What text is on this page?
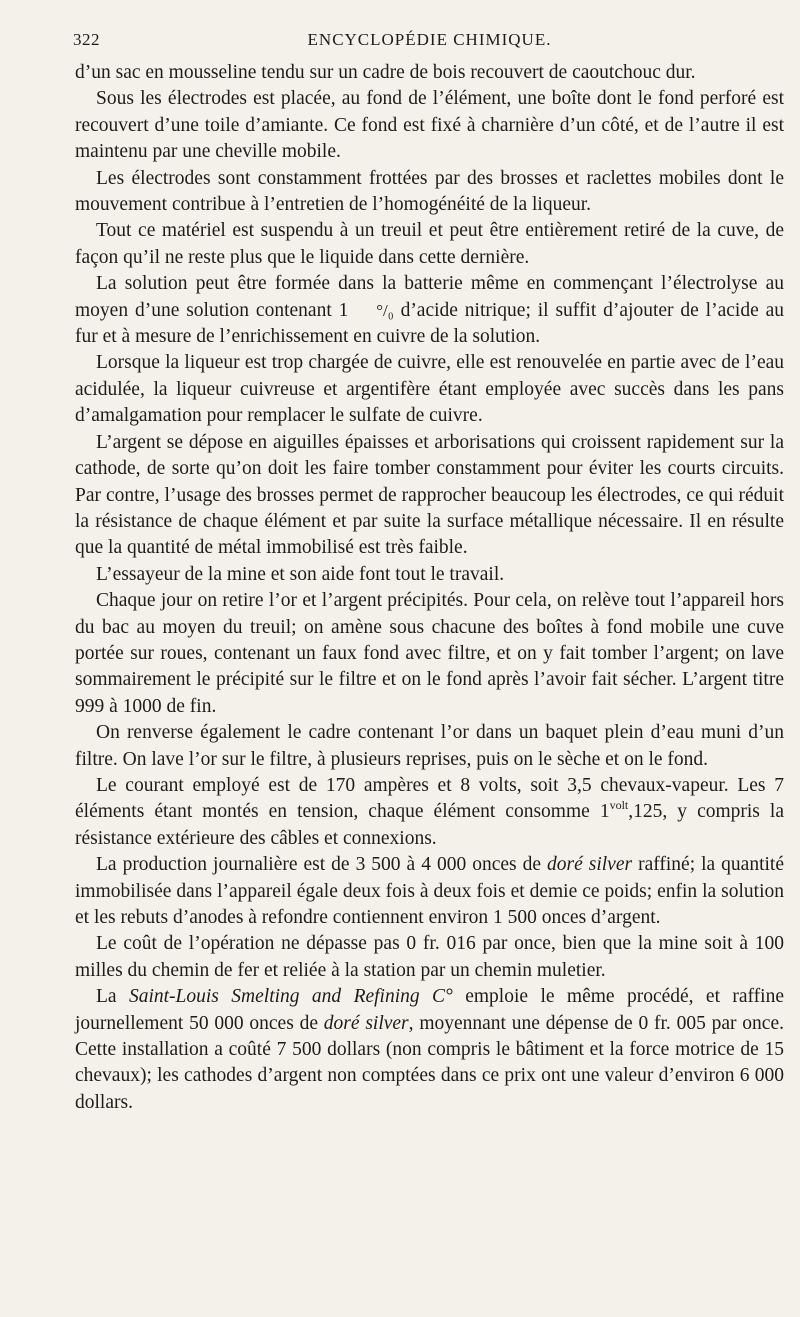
322	ENCYCLOPÉDIE CHIMIQUE.

d’un sac en mousseline tendu sur un cadre de bois recouvert de caoutchouc dur.

Sous les électrodes est placée, au fond de l’élément, une boîte dont le fond perforé est recouvert d’une toile d’amiante. Ce fond est fixé à charnière d’un côté, et de l’autre il est maintenu par une cheville mobile.

Les électrodes sont constamment frottées par des brosses et raclettes mobiles dont le mouvement contribue à l’entretien de l’homogénéité de la liqueur.

Tout ce matériel est suspendu à un treuil et peut être entièrement retiré de la cuve, de façon qu’il ne reste plus que le liquide dans cette dernière.

La solution peut être formée dans la batterie même en commençant l’électrolyse au moyen d’une solution contenant 1 °/₀ d’acide nitrique; il suffit d’ajouter de l’acide au fur et à mesure de l’enrichissement en cuivre de la solution.

Lorsque la liqueur est trop chargée de cuivre, elle est renouvelée en partie avec de l’eau acidulée, la liqueur cuivreuse et argentifère étant employée avec succès dans les pans d’amalgamation pour remplacer le sulfate de cuivre.

L’argent se dépose en aiguilles épaisses et arborisations qui croissent rapidement sur la cathode, de sorte qu’on doit les faire tomber constamment pour éviter les courts circuits. Par contre, l’usage des brosses permet de rapprocher beaucoup les électrodes, ce qui réduit la résistance de chaque élément et par suite la surface métallique nécessaire. Il en résulte que la quantité de métal immobilisé est très faible.

L’essayeur de la mine et son aide font tout le travail.

Chaque jour on retire l’or et l’argent précipités. Pour cela, on relève tout l’appareil hors du bac au moyen du treuil; on amène sous chacune des boîtes à fond mobile une cuve portée sur roues, contenant un faux fond avec filtre, et on y fait tomber l’argent; on lave sommairement le précipité sur le filtre et on le fond après l’avoir fait sécher. L’argent titre 999 à 1000 de fin.

On renverse également le cadre contenant l’or dans un baquet plein d’eau muni d’un filtre. On lave l’or sur le filtre, à plusieurs reprises, puis on le sèche et on le fond.

Le courant employé est de 170 ampères et 8 volts, soit 3,5 chevaux-vapeur. Les 7 éléments étant montés en tension, chaque élément consomme $1^{volt},125$, y compris la résistance extérieure des câbles et connexions.

La production journalière est de 3 500 à 4 000 onces de doré silver raffiné; la quantité immobilisée dans l’appareil égale deux fois à deux fois et demie ce poids; enfin la solution et les rebuts d’anodes à refondre contiennent environ 1 500 onces d’argent.

Le coût de l’opération ne dépasse pas 0 fr. 016 par once, bien que la mine soit à 100 milles du chemin de fer et reliée à la station par un chemin muletier.

La Saint-Louis Smelting and Refining C° emploie le même procédé, et raffine journellement 50 000 onces de doré silver, moyennant une dépense de 0 fr. 005 par once. Cette installation a coûté 7 500 dollars (non compris le bâtiment et la force motrice de 15 chevaux); les cathodes d’argent non comptées dans ce prix ont une valeur d’environ 6 000 dollars.
